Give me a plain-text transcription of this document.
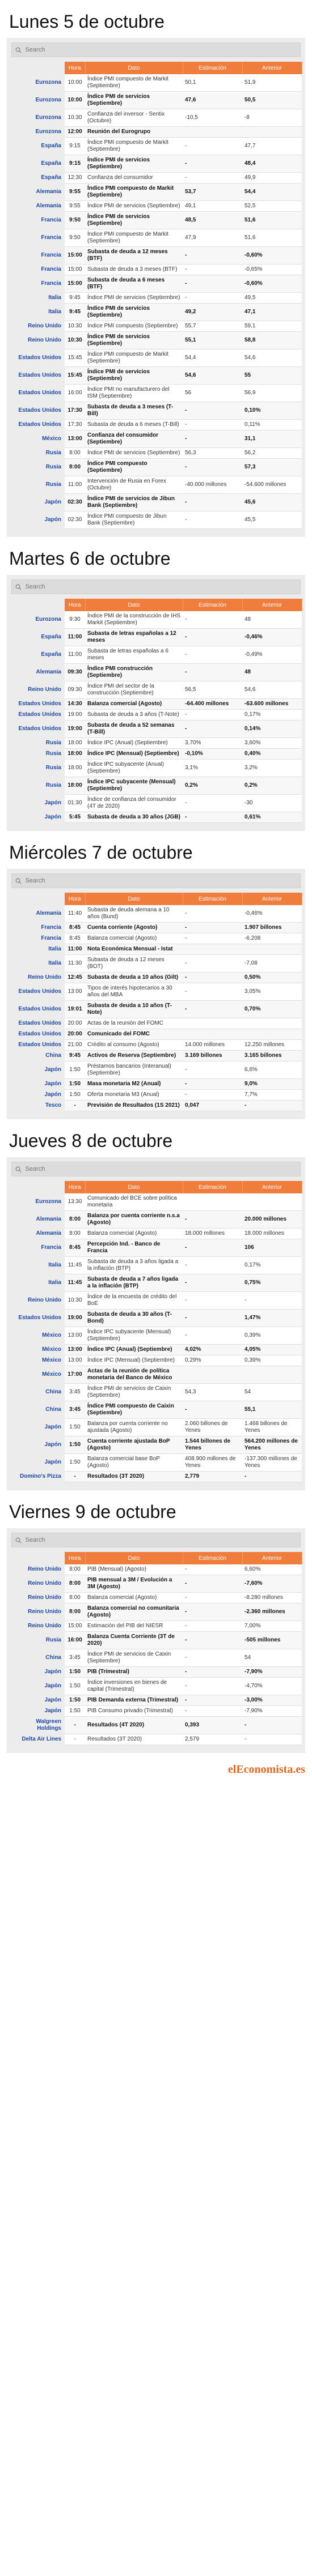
Lunes 5 de octubre
Search
	Hora	Dato	Estimación	Anterior
Eurozona	10:00	Índice PMI compuesto de Markit (Septiembre)	50,1	51,9
Eurozona	10:00	Índice PMI de servicios (Septiembre)	47,6	50,5
Eurozona	10:30	Confianza del inversor - Sentix (Octubre)	-10,5	-8
Eurozona	12:00	Reunión del Eurogrupo		
España	9:15	Índice PMI compuesto de Markit (Septiembre)	-	47,7
España	9:15	Índice PMI de servicios (Septiembre)	-	48,4
España	12:30	Confianza del consumidor	-	49,9
Alemania	9:55	Índice PMI compuesto de Markit (Septiembre)	53,7	54,4
Alemania	9:55	Índice PMI de servicios (Septiembre)	49,1	52,5
Francia	9:50	Índice PMI de servicios (Septiembre)	48,5	51,6
Francia	9:50	Índice PMI compuesto de Markit (Septiembre)	47,9	51,6
Francia	15:00	Subasta de deuda a 12 meses (BTF)	-	-0,60%
Francia	15:00	Subasta de deuda a 3 meses (BTF)	-	-0,65%
Francia	15:00	Subasta de deuda a 6 meses (BTF)	-	-0,60%
Italia	9:45	Índice PMI de servicios (Septiembre)	-	49,5
Italia	9:45	Índice PMI de servicios (Septiembre)	49,2	47,1
Reino Unido	10:30	Índice PMI compuesto (Septiembre)	55,7	59,1
Reino Unido	10:30	Índice PMI de servicios (Septiembre)	55,1	58,8
Estados Unidos	15:45	Índice PMI compuesto de Markit (Septiembre)	54,4	54,6
Estados Unidos	15:45	Índice PMI de servicios (Septiembre)	54,6	55
Estados Unidos	16:00	Índice PMI no manufacturero del ISM (Septiembre)	56	56,9
Estados Unidos	17:30	Subasta de deuda a 3 meses (T-Bill)	-	0,10%
Estados Unidos	17:30	Subasta de deuda a 6 meses (T-Bill)	-	0,11%
México	13:00	Confianza del consumidor (Septiembre)	-	31,1
Rusia	8:00	Índice PMI de servicios (Septiembre)	56,3	56,2
Rusia	8:00	Índice PMI compuesto (Septiembre)	-	57,3
Rusia	11:00	Intervención de Rusia en Forex (Octubre)	-40.000 millones	-54.600 millones
Japón	02:30	Índice PMI de servicios de Jibun Bank (Septiembre)	-	45,6
Japón	02:30	Índice PMI compuesto de Jibun Bank (Septiembre)	-	45,5
Martes 6 de octubre
Search
	Hora	Dato	Estimación	Anterior
Eurozona	9:30	Índice PMI de la construcción de IHS Markit (Septiembre)	-	48
España	11:00	Subasta de letras españolas a 12 meses	-	-0,46%
España	11:00	Subasta de letras españolas a 6 meses	-	-0,49%
Alemania	09:30	Índice PMI construcción (Septiembre)	-	48
Reino Unido	09:30	Índice PMI del sector de la construcción (Septiembre)	56,5	54,6
Estados Unidos	14:30	Balanza comercial (Agosto)	-64.400 millones	-63.600 millones
Estados Unidos	19:00	Subasta de deuda a 3 años (T-Note)	-	0,17%
Estados Unidos	19:00	Subasta de deuda a 52 semanas (T-Bill)	-	0,14%
Rusia	18:00	Índice IPC (Anual) (Septiembre)	3,70%	3,60%
Rusia	18:00	Índice IPC (Mensual) (Septiembre)	-0,10%	0,40%
Rusia	18:00	Índice IPC subyacente (Anual) (Septiembre)	3,1%	3,2%
Rusia	18:00	Índice IPC subyacente (Mensual) (Septiembre)	0,2%	0,2%
Japón	01:30	Índice de confianza del consumidor (4T de 2020)	-	-30
Japón	5:45	Subasta de deuda a 30 años (JGB)	-	0,61%
Miércoles 7 de octubre
Search
	Hora	Dato	Estimación	Anterior
Alemania	11:40	Subasta de deuda alemana a 10 años (Bund)	-	-0,46%
Francia	8:45	Cuenta corriente (Agosto)	-	1.907 billones
Francia	8:45	Balanza comercial (Agosto)	-	-6.208
Italia	11:00	Nota Económica Mensual - Istat		
Italia	11:30	Subasta de deuda a 12 meses (BOT)	-	-7,08
Reino Unido	12:45	Subasta de deuda a 10 años (Gilt)	-	0,50%
Estados Unidos	13:00	Tipos de interés hipotecarios a 30 años del MBA	-	3,05%
Estados Unidos	19:01	Subasta de deuda a 10 años (T-Note)	-	0,70%
Estados Unidos	20:00	Actas de la reunión del FOMC		
Estados Unidos	20:00	Comunicado del FOMC		
Estados Unidos	21:00	Crédito al consumo (Agosto)	14.000 millones	12.250 millones
China	9:45	Activos de Reserva (Septiembre)	3.169 billones	3.165 billones
Japón	1:50	Préstamos bancarios (Interanual) (Septiembre)	-	6,6%
Japón	1:50	Masa monetaria M2 (Anual)	-	9,0%
Japón	1:50	Oferta monetaria M3 (Anual)	-	7,7%
Tesco	-	Previsión de Resultados (1S 2021)	0,047	-
Jueves 8 de octubre
Search
	Hora	Dato	Estimación	Anterior
Eurozona	13:30	Comunicado del BCE sobre política monetaria		
Alemania	8:00	Balanza por cuenta corriente n.s.a (Agosto)	-	20.000 millones
Alemania	8:00	Balanza comercial (Agosto)	18.000 millones	18.000 millones
Francia	8:45	Percepción Ind. - Banco de Francia	-	106
Italia	11:45	Subasta de deuda a 3 años ligada a la inflación (BTP)	-	0,17%
Italia	11:45	Subasta de deuda a 7 años ligada a la inflación (BTP)	-	0,75%
Reino Unido	10:30	Índice de la encuesta de crédito del BoE	-	-
Estados Unidos	19:00	Subasta de deuda a 30 años (T-Bond)	-	1,47%
México	13:00	Índice IPC subyacente (Mensual) (Septiembre)	-	0,39%
México	13:00	Índice IPC (Anual) (Septiembre)	4,02%	4,05%
México	13:00	Índice IPC (Mensual) (Septiembre)	0,29%	0,39%
México	17:00	Actas de la reunión de política monetaria del Banco de México		
China	3:45	Índice PMI de servicios de Caixin (Septiembre)	54,3	54
China	3:45	Índice PMI compuesto de Caixin (Septiembre)	-	55,1
Japón	1:50	Balanza por cuenta corriente no ajustada (Agosto)	2.060 billones de Yenes	1.468 billones de Yenes
Japón	1:50	Cuenta corriente ajustada BoP (Agosto)	1.544 billones de Yenes	564.200 millones de Yenes
Japón	1:50	Balanza comercial base BoP (Agosto)	408.900 millones de Yenes	-137.300 millones de Yenes
Domino's Pizza	-	Resultados (3T 2020)	2,779	-
Viernes 9 de octubre
Search
	Hora	Dato	Estimación	Anterior
Reino Unido	8:00	PIB (Mensual) (Agosto)	-	6,60%
Reino Unido	8:00	PIB mensual a 3M / Evolución a 3M (Agosto)	-	-7,60%
Reino Unido	8:00	Balanza comercial (Agosto)	-	-8.280 millones
Reino Unido	8:00	Balanza comercial no comunitaria (Agosto)	-	-2.360 millones
Reino Unido	15:00	Estimación del PIB del NIESR	-	7,00%
Rusia	16:00	Balanza Cuenta Corriente (3T de 2020)	-	-505 millones
China	3:45	Índice PMI de servicios de Caixin (Septiembre)	-	54
Japón	1:50	PIB (Trimestral)	-	-7,90%
Japón	1:50	Índice inversiones en bienes de capital (Trimestral)	-	-4,70%
Japón	1:50	PIB Demanda externa (Trimestral)	-	-3,00%
Japón	1:50	PIB Consumo privado (Trimestral)	-	-7,90%
Walgreen Holdings	-	Resultados (4T 2020)	0,393	-
Delta Air Lines	-	Resultados (3T 2020)	2,579	-
elEconomista.es
